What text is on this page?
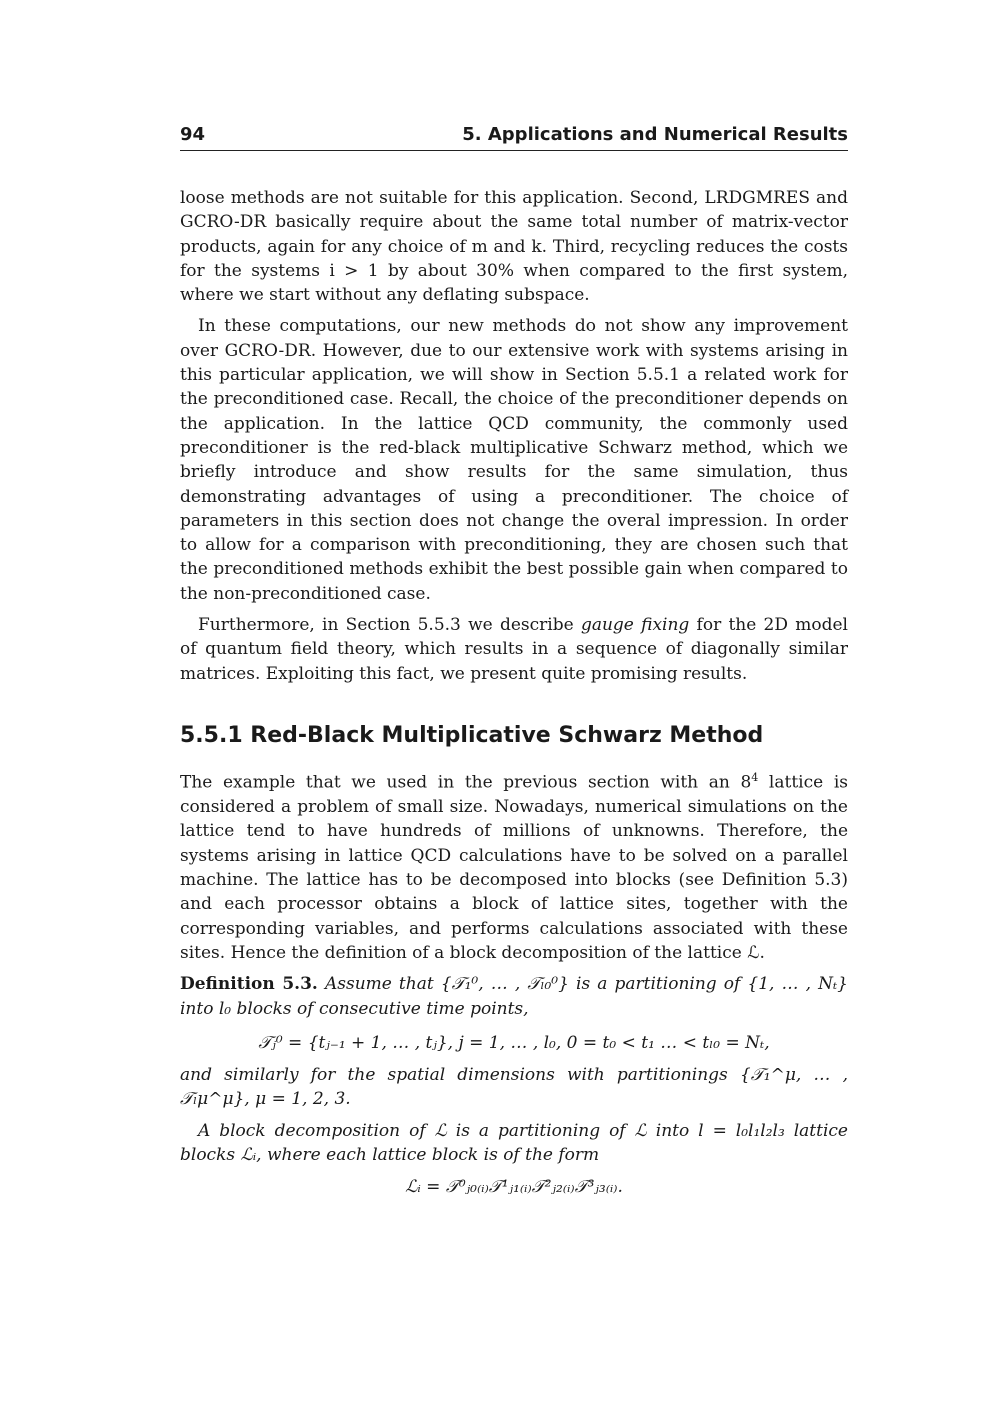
94	5. Applications and Numerical Results

loose methods are not suitable for this application. Second, LRDGMRES and GCRO-DR basically require about the same total number of matrix-vector products, again for any choice of m and k. Third, recycling reduces the costs for the systems i > 1 by about 30% when compared to the first system, where we start without any deflating subspace.

In these computations, our new methods do not show any improvement over GCRO-DR. However, due to our extensive work with systems arising in this particular application, we will show in Section 5.5.1 a related work for the preconditioned case. Recall, the choice of the preconditioner depends on the application. In the lattice QCD community, the commonly used preconditioner is the red-black multiplicative Schwarz method, which we briefly introduce and show results for the same simulation, thus demonstrating advantages of using a preconditioner. The choice of parameters in this section does not change the overal impression. In order to allow for a comparison with preconditioning, they are chosen such that the preconditioned methods exhibit the best possible gain when compared to the non-preconditioned case.

Furthermore, in Section 5.5.3 we describe gauge fixing for the 2D model of quantum field theory, which results in a sequence of diagonally similar matrices. Exploiting this fact, we present quite promising results.

5.5.1 Red-Black Multiplicative Schwarz Method

The example that we used in the previous section with an $8^4$ lattice is considered a problem of small size. Nowadays, numerical simulations on the lattice tend to have hundreds of millions of unknowns. Therefore, the systems arising in lattice QCD calculations have to be solved on a parallel machine. The lattice has to be decomposed into blocks (see Definition 5.3) and each processor obtains a block of lattice sites, together with the corresponding variables, and performs calculations associated with these sites. Hence the definition of a block decomposition of the lattice ℒ.

Definition 5.3. Assume that {𝒯₁⁰, … , 𝒯ₗ₀⁰} is a partitioning of {1, … , Nₜ} into l₀ blocks of consecutive time points,

𝒯ⱼ⁰ = {tⱼ₋₁ + 1, … , tⱼ}, j = 1, … , l₀, 0 = t₀ < t₁ … < tₗ₀ = Nₜ,

and similarly for the spatial dimensions with partitionings {𝒯₁^μ, … , 𝒯ₗμ^μ}, μ = 1, 2, 3.

A block decomposition of ℒ is a partitioning of ℒ into l = l₀l₁l₂l₃ lattice blocks ℒᵢ, where each lattice block is of the form

ℒᵢ = 𝒯⁰ⱼ₀₍ᵢ₎𝒯¹ⱼ₁₍ᵢ₎𝒯²ⱼ₂₍ᵢ₎𝒯³ⱼ₃₍ᵢ₎.
